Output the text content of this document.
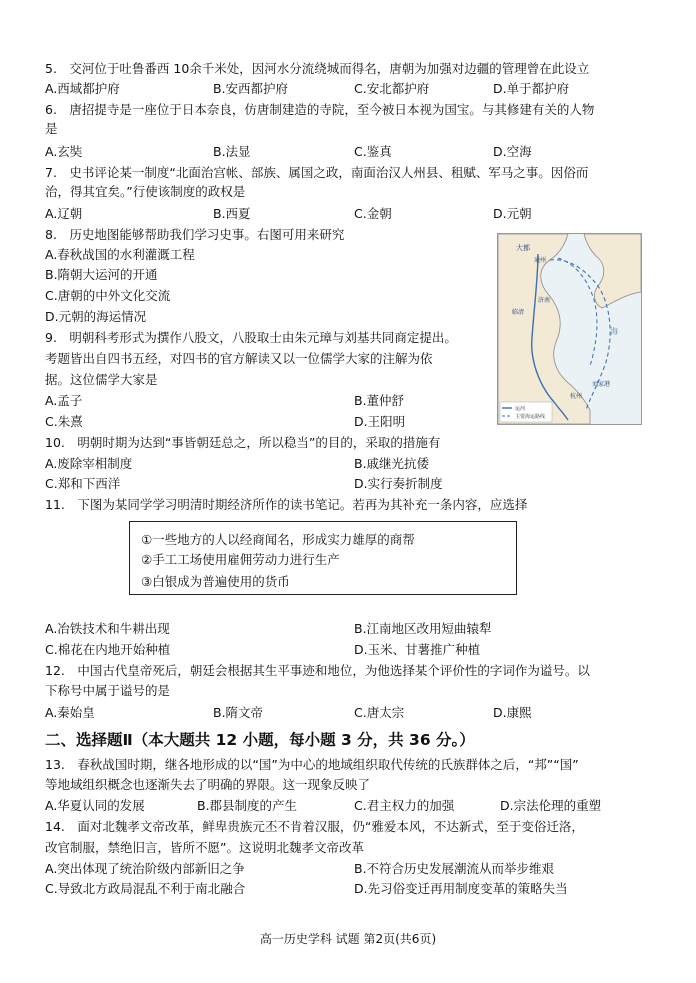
5.　交河位于吐鲁番西 10余千米处，因河水分流绕城而得名，唐朝为加强对边疆的管理曾在此设立
A.西域都护府	B.安西都护府	C.安北都护府	D.单于都护府
6.　唐招提寺是一座位于日本奈良，仿唐制建造的寺院，至今被日本视为国宝。与其修建有关的人物
是
A.玄奘	B.法显	C.鉴真	D.空海
7.　史书评论某一制度“北面治宫帐、部族、属国之政，南面治汉人州县、租赋、军马之事。因俗而
治，得其宜矣。”行使该制度的政权是
A.辽朝	B.西夏	C.金朝	D.元朝
8.　历史地图能够帮助我们学习史事。右图可用来研究
A.春秋战国的水利灌溉工程
B.隋朝大运河的开通
C.唐朝的中外文化交流
D.元朝的海运情况
大都
通州
临清
济南
海
杭州
刘家港
运河
主要海运路线
9.　明朝科考形式为撰作八股文，八股取士由朱元璋与刘基共同商定提出。
考题皆出自四书五经，对四书的官方解读又以一位儒学大家的注解为依
据。这位儒学大家是
A.孟子	B.董仲舒
C.朱熹	D.王阳明
10.　明朝时期为达到“事皆朝廷总之，所以稳当”的目的，采取的措施有
A.废除宰相制度	B.戚继光抗倭
C.郑和下西洋	D.实行奏折制度
11.　下图为某同学学习明清时期经济所作的读书笔记。若再为其补充一条内容，应选择
①一些地方的人以经商闻名，形成实力雄厚的商帮
②手工工场使用雇佣劳动力进行生产
③白银成为普遍使用的货币
A.冶铁技术和牛耕出现	B.江南地区改用短曲辕犁
C.棉花在内地开始种植	D.玉米、甘薯推广种植
12.　中国古代皇帝死后，朝廷会根据其生平事迹和地位，为他选择某个评价性的字词作为谥号。以
下称号中属于谥号的是
A.秦始皇	B.隋文帝	C.唐太宗	D.康熙
二、选择题Ⅱ（本大题共 12 小题，每小题 3 分，共 36 分。）
13.　春秋战国时期，继各地形成的以“国”为中心的地域组织取代传统的氏族群体之后，“邦”“国”
等地域组织概念也逐渐失去了明确的界限。这一现象反映了
A.华夏认同的发展	B.郡县制度的产生	C.君主权力的加强	D.宗法伦理的重塑
14.　面对北魏孝文帝改革，鲜卑贵族元丕不肯着汉服，仍“雅爱本风，不达新式，至于变俗迁洛，
改官制服，禁绝旧言，皆所不愿”。这说明北魏孝文帝改革
A.突出体现了统治阶级内部新旧之争	B.不符合历史发展潮流从而举步维艰
C.导致北方政局混乱不利于南北融合	D.先习俗变迁再用制度变革的策略失当
高一历史学科 试题 第2页(共6页)
